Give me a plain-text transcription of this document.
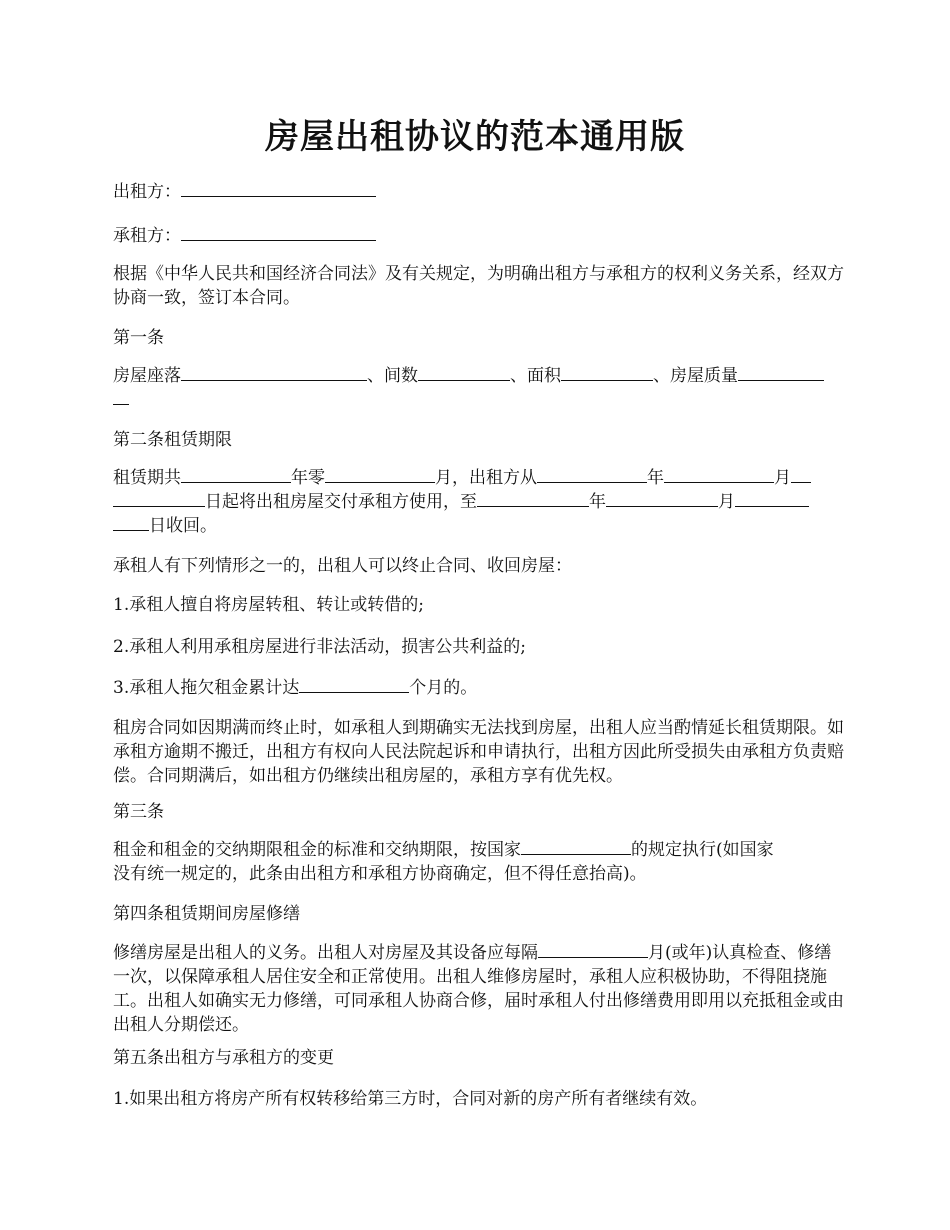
房屋出租协议的范本通用版

出租方：

承租方：

根据《中华人民共和国经济合同法》及有关规定，为明确出租方与承租方的权利义务关系，经双方协商一致，签订本合同。

第一条

房屋座落	、间数	、面积	、房屋质量

第二条租赁期限

租赁期共	年零	月，出租方从	年	月
日起将出租房屋交付承租方使用，至	年	月
日收回。

承租人有下列情形之一的，出租人可以终止合同、收回房屋：

1.承租人擅自将房屋转租、转让或转借的;

2.承租人利用承租房屋进行非法活动，损害公共利益的;

3.承租人拖欠租金累计达	个月的。

租房合同如因期满而终止时，如承租人到期确实无法找到房屋，出租人应当酌情延长租赁期限。如承租方逾期不搬迁，出租方有权向人民法院起诉和申请执行，出租方因此所受损失由承租方负责赔偿。合同期满后，如出租方仍继续出租房屋的，承租方享有优先权。

第三条

租金和租金的交纳期限租金的标准和交纳期限，按国家	的规定执行(如国家
没有统一规定的，此条由出租方和承租方协商确定，但不得任意抬高)。

第四条租赁期间房屋修缮

修缮房屋是出租人的义务。出租人对房屋及其设备应每隔	月(或年)认真检查、修缮一次，以保障承租人居住安全和正常使用。出租人维修房屋时，承租人应积极协助，不得阻挠施工。出租人如确实无力修缮，可同承租人协商合修，届时承租人付出修缮费用即用以充抵租金或由出租人分期偿还。

第五条出租方与承租方的变更

1.如果出租方将房产所有权转移给第三方时，合同对新的房产所有者继续有效。
